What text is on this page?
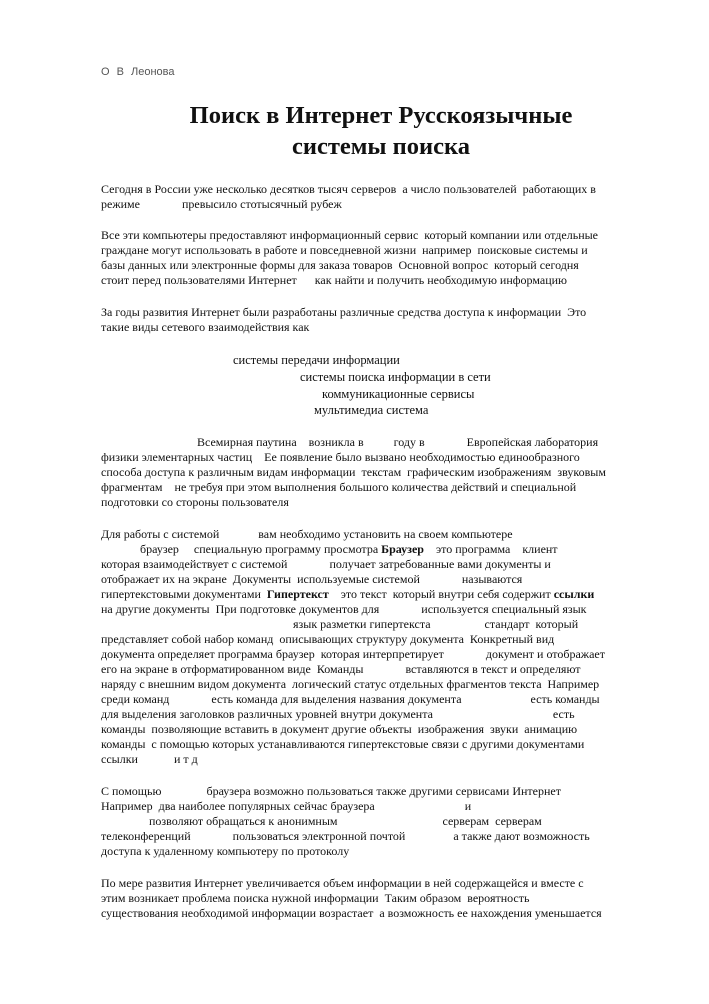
О В Леонова
Поиск в Интернет Русскоязычные
системы поиска
Сегодня в России уже несколько десятков тысяч серверов  а число пользователей  работающих в
режиме              превысило стотысячный рубеж
Все эти компьютеры предоставляют информационный сервис  который компании или отдельные
граждане могут использовать в работе и повседневной жизни  например  поисковые системы и
базы данных или электронные формы для заказа товаров  Основной вопрос  который сегодня
стоит перед пользователями Интернет      как найти и получить необходимую информацию
За годы развития Интернет были разработаны различные средства доступа к информации  Это
такие виды сетевого взаимодействия как
системы передачи информации
системы поиска информации в сети
коммуникационные сервисы
мультимедиа система
Всемирная паутина    возникла в          году в              Европейская лаборатория
физики элементарных частиц    Ее появление было вызвано необходимостью единообразного
способа доступа к различным видам информации  текстам  графическим изображениям  звуковым
фрагментам    не требуя при этом выполнения большого количества действий и специальной
подготовки со стороны пользователя
Для работы с системой             вам необходимо установить на своем компьютере
браузер     специальную программу просмотра Браузер    это программа    клиент
которая взаимодействует с системой              получает затребованные вами документы и
отображает их на экране  Документы  используемые системой              называются
гипертекстовыми документами  Гипертекст    это текст  который внутри себя содержит ссылки
на другие документы  При подготовке документов для              используется специальный язык
язык разметки гипертекста                  стандарт  который
представляет собой набор команд  описывающих структуру документа  Конкретный вид
документа определяет программа браузер  которая интерпретирует              документ и отображает
его на экране в отформатированном виде  Команды              вставляются в текст и определяют
наряду с внешним видом документа  логический статус отдельных фрагментов текста  Например
среди команд              есть команда для выделения названия документа                       есть команды
для выделения заголовков различных уровней внутри документа                                        есть
команды  позволяющие вставить в документ другие объекты  изображения  звуки  анимацию
команды  с помощью которых устанавливаются гипертекстовые связи с другими документами
ссылки            и т д
С помощью               браузера возможно пользоваться также другими сервисами Интернет
Например  два наиболее популярных сейчас браузера                              и
позволяют обращаться к анонимным                                   серверам  серверам
телеконференций              пользоваться электронной почтой                а также дают возможность
доступа к удаленному компьютеру по протоколу
По мере развития Интернет увеличивается объем информации в ней содержащейся и вместе с
этим возникает проблема поиска нужной информации  Таким образом  вероятность
существования необходимой информации возрастает  а возможность ее нахождения уменьшается
